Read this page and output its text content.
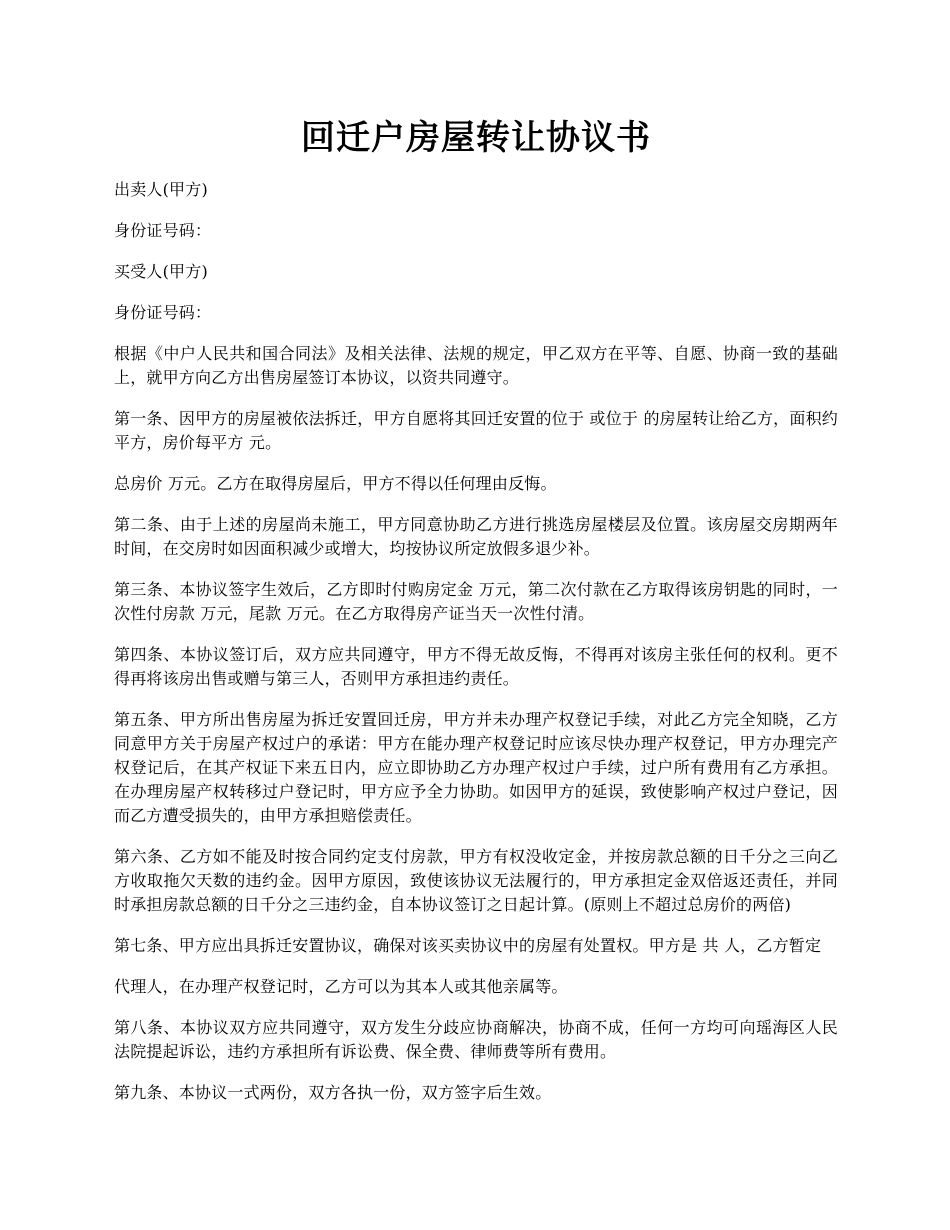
回迁户房屋转让协议书

出卖人(甲方)

身份证号码：

买受人(甲方)

身份证号码：

根据《中户人民共和国合同法》及相关法律、法规的规定，甲乙双方在平等、自愿、协商一致的基础上，就甲方向乙方出售房屋签订本协议，以资共同遵守。

第一条、因甲方的房屋被依法拆迁，甲方自愿将其回迁安置的位于 或位于 的房屋转让给乙方，面积约 平方，房价每平方 元。

总房价 万元。乙方在取得房屋后，甲方不得以任何理由反悔。

第二条、由于上述的房屋尚未施工，甲方同意协助乙方进行挑选房屋楼层及位置。该房屋交房期两年时间，在交房时如因面积减少或增大，均按协议所定放假多退少补。

第三条、本协议签字生效后，乙方即时付购房定金 万元，第二次付款在乙方取得该房钥匙的同时，一次性付房款 万元，尾款 万元。在乙方取得房产证当天一次性付清。

第四条、本协议签订后，双方应共同遵守，甲方不得无故反悔，不得再对该房主张任何的权利。更不得再将该房出售或赠与第三人，否则甲方承担违约责任。

第五条、甲方所出售房屋为拆迁安置回迁房，甲方并未办理产权登记手续，对此乙方完全知晓，乙方同意甲方关于房屋产权过户的承诺：甲方在能办理产权登记时应该尽快办理产权登记，甲方办理完产权登记后，在其产权证下来五日内，应立即协助乙方办理产权过户手续，过户所有费用有乙方承担。在办理房屋产权转移过户登记时，甲方应予全力协助。如因甲方的延误，致使影响产权过户登记，因而乙方遭受损失的，由甲方承担赔偿责任。

第六条、乙方如不能及时按合同约定支付房款，甲方有权没收定金，并按房款总额的日千分之三向乙方收取拖欠天数的违约金。因甲方原因，致使该协议无法履行的，甲方承担定金双倍返还责任，并同时承担房款总额的日千分之三违约金，自本协议签订之日起计算。(原则上不超过总房价的两倍)

第七条、甲方应出具拆迁安置协议，确保对该买卖协议中的房屋有处置权。甲方是 共 人，乙方暂定

代理人，在办理产权登记时，乙方可以为其本人或其他亲属等。

第八条、本协议双方应共同遵守，双方发生分歧应协商解决，协商不成，任何一方均可向瑶海区人民法院提起诉讼，违约方承担所有诉讼费、保全费、律师费等所有费用。

第九条、本协议一式两份，双方各执一份，双方签字后生效。
